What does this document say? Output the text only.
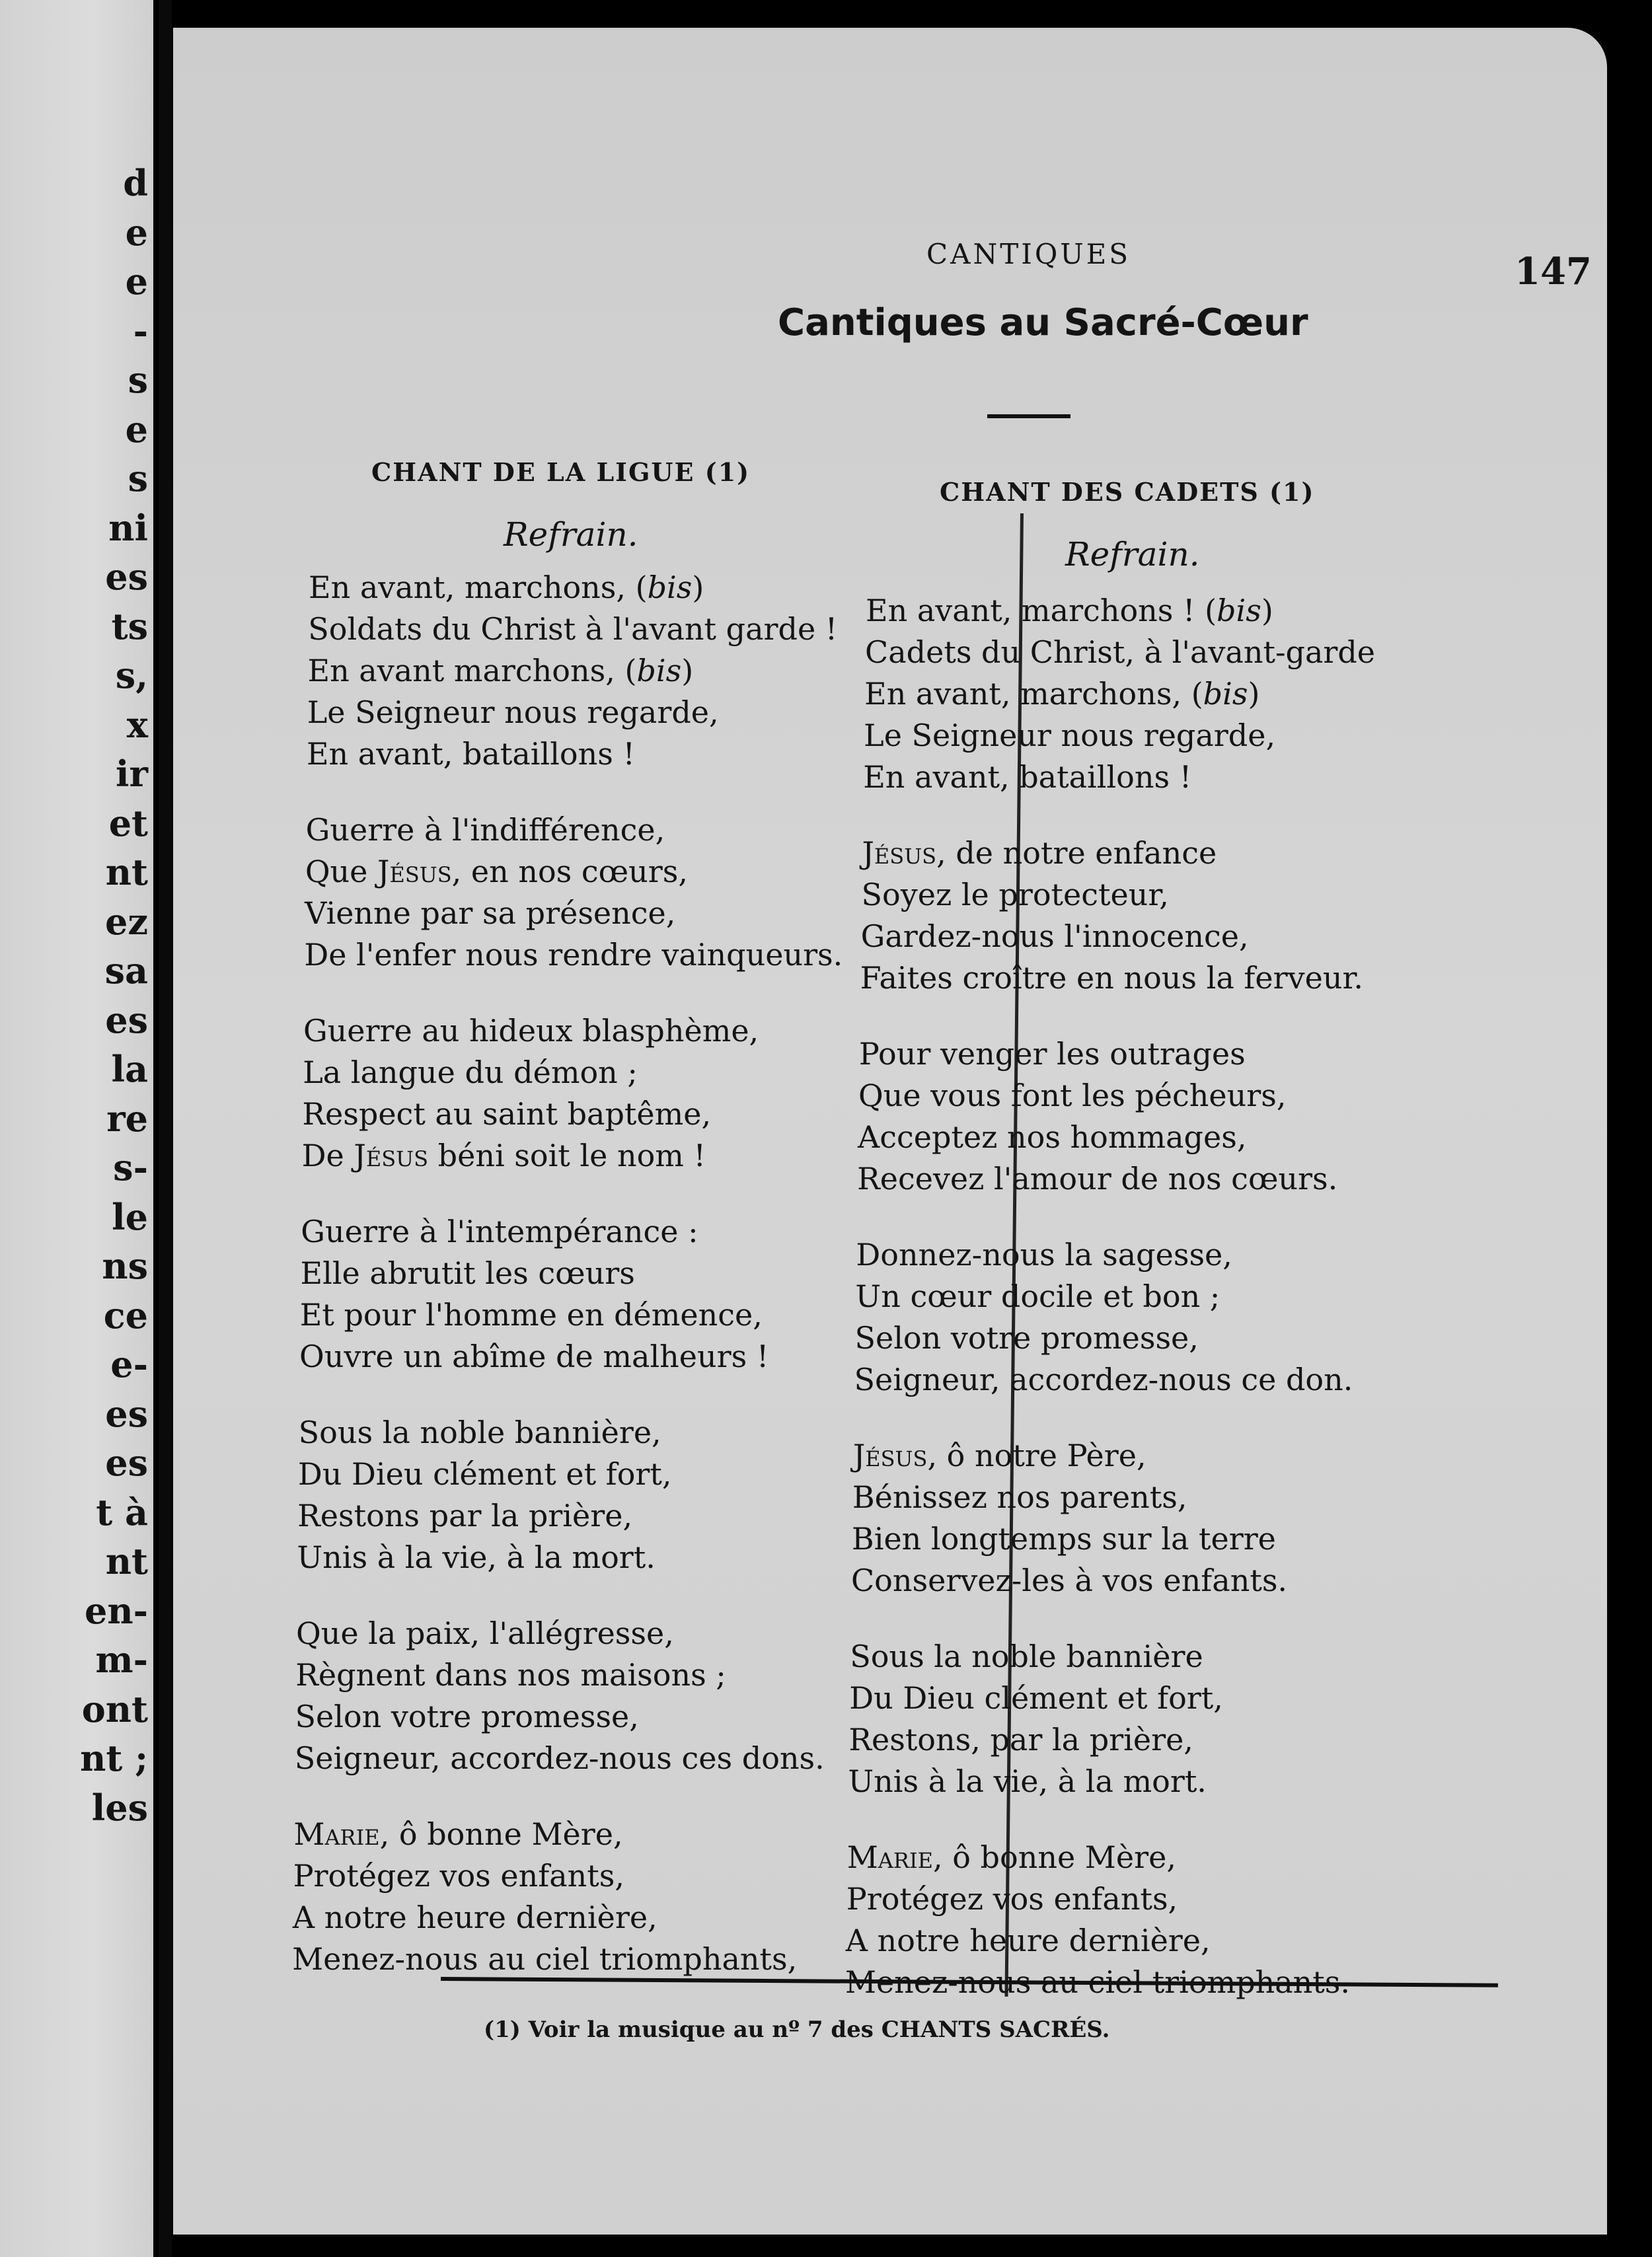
d
e
e
-
s
e
s
ni
es
ts
s,
x
ir
et
nt
ez
sa
es
la
re
s-
le
ns
ce
e-
es
es
t à
nt
en-
m-
ont
nt ;
les
CANTIQUES	147
Cantiques au Sacré-Cœur
CHANT DE LA LIGUE (1)
Refrain.
CHANT DES CADETS (1)
Refrain.
En avant, marchons, (bis)
Soldats du Christ à l'avant garde !
En avant marchons, (bis)
Le Seigneur nous regarde,
En avant, bataillons !
Guerre à l'indifférence,
Que Jésus, en nos cœurs,
Vienne par sa présence,
De l'enfer nous rendre vainqueurs.
Guerre au hideux blasphème,
La langue du démon ;
Respect au saint baptême,
De Jésus béni soit le nom !
Guerre à l'intempérance :
Elle abrutit les cœurs
Et pour l'homme en démence,
Ouvre un abîme de malheurs !
Sous la noble bannière,
Du Dieu clément et fort,
Restons par la prière,
Unis à la vie, à la mort.
Que la paix, l'allégresse,
Règnent dans nos maisons ;
Selon votre promesse,
Seigneur, accordez-nous ces dons.
Marie, ô bonne Mère,
Protégez vos enfants,
A notre heure dernière,
Menez-nous au ciel triomphants,
En avant, marchons ! (bis)
Cadets du Christ, à l'avant-garde
En avant, marchons, (bis)
Le Seigneur nous regarde,
En avant, bataillons !
Jésus, de notre enfance
Soyez le protecteur,
Gardez-nous l'innocence,
Faites croître en nous la ferveur.
Pour venger les outrages
Que vous font les pécheurs,
Acceptez nos hommages,
Recevez l'amour de nos cœurs.
Donnez-nous la sagesse,
Un cœur docile et bon ;
Selon votre promesse,
Seigneur, accordez-nous ce don.
Jésus, ô notre Père,
Bénissez nos parents,
Bien longtemps sur la terre
Conservez-les à vos enfants.
Sous la noble bannière
Du Dieu clément et fort,
Restons, par la prière,
Unis à la vie, à la mort.
Marie, ô bonne Mère,
Protégez vos enfants,
A notre heure dernière,
(1) Voir la musique au nº 7 des CHANTS SACRÉS.
